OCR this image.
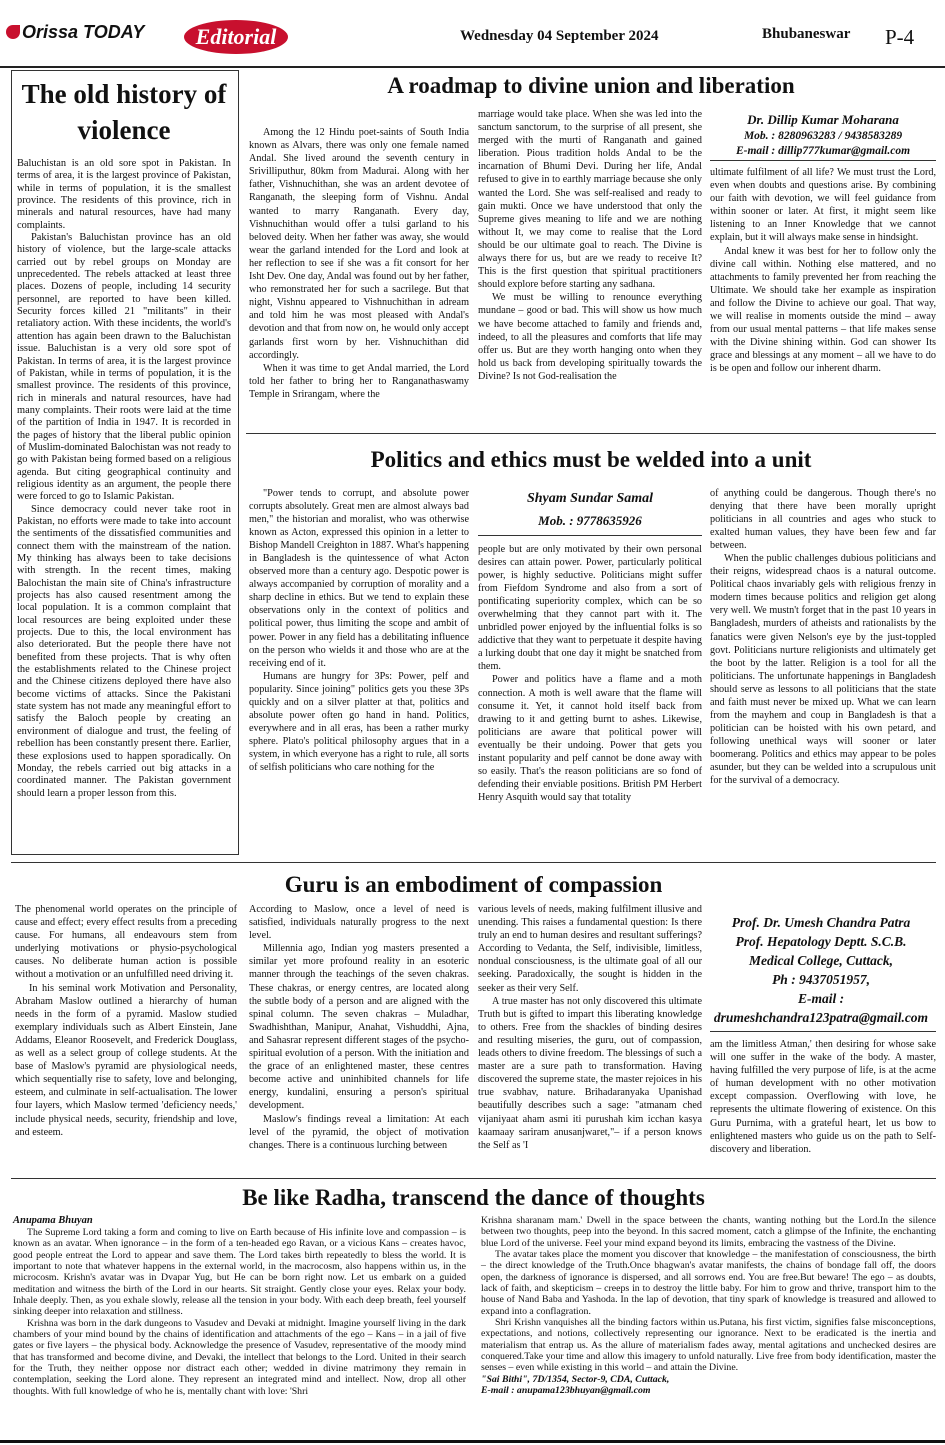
Orissa TODAY	Editorial	Wednesday 04 September 2024	Bhubaneswar P-4
The old history of
violence

Baluchistan is an old sore spot in Pakistan. In terms of area, it is the largest province of Pakistan, while in terms of population, it is the smallest province. The residents of this province, rich in minerals and natural resources, have had many complaints.

Pakistan's Baluchistan province has an old history of violence, but the large-scale attacks carried out by rebel groups on Monday are unprecedented. The rebels attacked at least three places. Dozens of people, including 14 security personnel, are reported to have been killed. Security forces killed 21 "militants" in their retaliatory action. With these incidents, the world's attention has again been drawn to the Baluchistan issue. Baluchistan is a very old sore spot of Pakistan. In terms of area, it is the largest province of Pakistan, while in terms of population, it is the smallest province. The residents of this province, rich in minerals and natural resources, have had many complaints. Their roots were laid at the time of the partition of India in 1947. It is recorded in the pages of history that the liberal public opinion of Muslim-dominated Balochistan was not ready to go with Pakistan being formed based on a religious agenda. But citing geographical continuity and religious identity as an argument, the people there were forced to go to Islamic Pakistan.

Since democracy could never take root in Pakistan, no efforts were made to take into account the sentiments of the dissatisfied communities and connect them with the mainstream of the nation. My thinking has always been to take decisions with strength. In the recent times, making Balochistan the main site of China's infrastructure projects has also caused resentment among the local population. It is a common complaint that local resources are being exploited under these projects. Due to this, the local environment has also deteriorated. But the people there have not benefited from these projects. That is why often the establishments related to the Chinese project and the Chinese citizens deployed there have also become victims of attacks. Since the Pakistani state system has not made any meaningful effort to satisfy the Baloch people by creating an environment of dialogue and trust, the feeling of rebellion has been constantly present there. Earlier, these explosions used to happen sporadically. On Monday, the rebels carried out big attacks in a coordinated manner. The Pakistan government should learn a proper lesson from this.

A roadmap to divine union and liberation

Among the 12 Hindu poet-saints of South India known as Alvars, there was only one female named Andal. She lived around the seventh century in Srivilliputhur, 80km from Madurai. Along with her father, Vishnuchithan, she was an ardent devotee of Ranganath, the sleeping form of Vishnu. Andal wanted to marry Ranganath. Every day, Vishnuchithan would offer a tulsi garland to his beloved deity. When her father was away, she would wear the garland intended for the Lord and look at her reflection to see if she was a fit consort for her Isht Dev. One day, Andal was found out by her father, who remonstrated her for such a sacrilege. But that night, Vishnu appeared to Vishnuchithan in adream and told him he was most pleased with Andal's devotion and that from now on, he would only accept garlands first worn by her. Vishnuchithan did accordingly.

When it was time to get Andal married, the Lord told her father to bring her to Ranganathaswamy Temple in Srirangam, where the

marriage would take place. When she was led into the sanctum sanctorum, to the surprise of all present, she merged with the murti of Ranganath and gained liberation. Pious tradition holds Andal to be the incarnation of Bhumi Devi. During her life, Andal refused to give in to earthly marriage because she only wanted the Lord. She was self-realised and ready to gain mukti. Once we have understood that only the Supreme gives meaning to life and we are nothing without It, we may come to realise that the Lord should be our ultimate goal to reach. The Divine is always there for us, but are we ready to receive It? This is the first question that spiritual practitioners should explore before starting any sadhana.

We must be willing to renounce everything mundane – good or bad. This will show us how much we have become attached to family and friends and, indeed, to all the pleasures and comforts that life may offer us. But are they worth hanging onto when they hold us back from developing spiritually towards the Divine? Is not God-realisation the

Dr. Dillip Kumar Moharana
Mob. : 8280963283 / 9438583289
E-mail : dillip777kumar@gmail.com

ultimate fulfilment of all life? We must trust the Lord, even when doubts and questions arise. By combining our faith with devotion, we will feel guidance from within sooner or later. At first, it might seem like listening to an Inner Knowledge that we cannot explain, but it will always make sense in hindsight.

Andal knew it was best for her to follow only the divine call within. Nothing else mattered, and no attachments to family prevented her from reaching the Ultimate. We should take her example as inspiration and follow the Divine to achieve our goal. That way, we will realise in moments outside the mind – away from our usual mental patterns – that life makes sense with the Divine shining within. God can shower Its grace and blessings at any moment – all we have to do is be open and follow our inherent dharm.

Politics and ethics must be welded into a unit

"Power tends to corrupt, and absolute power corrupts absolutely. Great men are almost always bad men," the historian and moralist, who was otherwise known as Acton, expressed this opinion in a letter to Bishop Mandell Creighton in 1887. What's happening in Bangladesh is the quintessence of what Acton observed more than a century ago. Despotic power is always accompanied by corruption of morality and a sharp decline in ethics. But we tend to explain these observations only in the context of politics and political power, thus limiting the scope and ambit of power. Power in any field has a debilitating influence on the person who wields it and those who are at the receiving end of it.

Humans are hungry for 3Ps: Power, pelf and popularity. Since joining" politics gets you these 3Ps quickly and on a silver platter at that, politics and absolute power often go hand in hand. Politics, everywhere and in all eras, has been a rather murky sphere. Plato's political philosophy argues that in a system, in which everyone has a right to rule, all sorts of selfish politicians who care nothing for the

Shyam Sundar Samal
Mob. : 9778635926

people but are only motivated by their own personal desires can attain power. Power, particularly political power, is highly seductive. Politicians might suffer from Fiefdom Syndrome and also from a sort of pontificating superiority complex, which can be so overwhelming that they cannot part with it. The unbridled power enjoyed by the influential folks is so addictive that they want to perpetuate it despite having a lurking doubt that one day it might be snatched from them.

Power and politics have a flame and a moth connection. A moth is well aware that the flame will consume it. Yet, it cannot hold itself back from drawing to it and getting burnt to ashes. Likewise, politicians are aware that political power will eventually be their undoing. Power that gets you instant popularity and pelf cannot be done away with so easily. That's the reason politicians are so fond of defending their enviable positions. British PM Herbert Henry Asquith would say that totality

of anything could be dangerous. Though there's no denying that there have been morally upright politicians in all countries and ages who stuck to exalted human values, they have been few and far between.

When the public challenges dubious politicians and their reigns, widespread chaos is a natural outcome. Political chaos invariably gels with religious frenzy in modern times because politics and religion get along very well. We mustn't forget that in the past 10 years in Bangladesh, murders of atheists and rationalists by the fanatics were given Nelson's eye by the just-toppled govt. Politicians nurture religionists and ultimately get the boot by the latter. Religion is a tool for all the politicians. The unfortunate happenings in Bangladesh should serve as lessons to all politicians that the state and faith must never be mixed up. What we can learn from the mayhem and coup in Bangladesh is that a politician can be hoisted with his own petard, and following unethical ways will sooner or later boomerang. Politics and ethics may appear to be poles asunder, but they can be welded into a scrupulous unit for the survival of a democracy.

Guru is an embodiment of compassion

The phenomenal world operates on the principle of cause and effect; every effect results from a preceding cause. For humans, all endeavours stem from underlying motivations or physio-psychological causes. No deliberate human action is possible without a motivation or an unfulfilled need driving it.

In his seminal work Motivation and Personality, Abraham Maslow outlined a hierarchy of human needs in the form of a pyramid. Maslow studied exemplary individuals such as Albert Einstein, Jane Addams, Eleanor Roosevelt, and Frederick Douglass, as well as a select group of college students. At the base of Maslow's pyramid are physiological needs, which sequentially rise to safety, love and belonging, esteem, and culminate in self-actualisation. The lower four layers, which Maslow termed 'deficiency needs,' include physical needs, security, friendship and love, and esteem.

According to Maslow, once a level of need is satisfied, individuals naturally progress to the next level.

Millennia ago, Indian yog masters presented a similar yet more profound reality in an esoteric manner through the teachings of the seven chakras. These chakras, or energy centres, are located along the subtle body of a person and are aligned with the spinal column. The seven chakras – Muladhar, Swadhishthan, Manipur, Anahat, Vishuddhi, Ajna, and Sahasrar represent different stages of the psycho-spiritual evolution of a person. With the initiation and the grace of an enlightened master, these centres become active and uninhibited channels for life energy, kundalini, ensuring a person's spiritual development.

Maslow's findings reveal a limitation: At each level of the pyramid, the object of motivation changes. There is a continuous lurching between

various levels of needs, making fulfilment illusive and unending. This raises a fundamental question: Is there truly an end to human desires and resultant sufferings? According to Vedanta, the Self, indivisible, limitless, nondual consciousness, is the ultimate goal of all our seeking. Paradoxically, the sought is hidden in the seeker as their very Self.

A true master has not only discovered this ultimate Truth but is gifted to impart this liberating knowledge to others. Free from the shackles of binding desires and resulting miseries, the guru, out of compassion, leads others to divine freedom. The blessings of such a master are a sure path to transformation. Having discovered the supreme state, the master rejoices in his true svabhav, nature. Brihadaranyaka Upanishad beautifully describes such a sage: "atmanam ched vijaniyaat aham asmi iti purushah kim icchan kasya kaamaay sariram anusanjwaret,"– if a person knows the Self as 'I

Prof. Dr. Umesh Chandra Patra
Prof. Hepatology Deptt. S.C.B.
Medical College, Cuttack,
Ph : 9437051957,
E-mail :
drumeshchandra123patra@gmail.com

am the limitless Atman,' then desiring for whose sake will one suffer in the wake of the body. A master, having fulfilled the very purpose of life, is at the acme of human development with no other motivation except compassion. Overflowing with love, he represents the ultimate flowering of existence. On this Guru Purnima, with a grateful heart, let us bow to enlightened masters who guide us on the path to Self-discovery and liberation.

Be like Radha, transcend the dance of thoughts
Anupama Bhuyan

The Supreme Lord taking a form and coming to live on Earth because of His infinite love and compassion – is known as an avatar. When ignorance – in the form of a ten-headed ego Ravan, or a vicious Kans – creates havoc, good people entreat the Lord to appear and save them. The Lord takes birth repeatedly to bless the world. It is important to note that whatever happens in the external world, in the macrocosm, also happens within us, in the microcosm. Krishn's avatar was in Dvapar Yug, but He can be born right now. Let us embark on a guided meditation and witness the birth of the Lord in our hearts. Sit straight. Gently close your eyes. Relax your body. Inhale deeply. Then, as you exhale slowly, release all the tension in your body. With each deep breath, feel yourself sinking deeper into relaxation and stillness.

Krishna was born in the dark dungeons to Vasudev and Devaki at midnight. Imagine yourself living in the dark chambers of your mind bound by the chains of identification and attachments of the ego – Kans – in a jail of five gates or five layers – the physical body. Acknowledge the presence of Vasudev, representative of the moody mind that has transformed and become divine, and Devaki, the intellect that belongs to the Lord. United in their search for the Truth, they neither oppose nor distract each other; wedded in divine matrimony they remain in contemplation, seeking the Lord alone. They represent an integrated mind and intellect. Now, drop all other thoughts. With full knowledge of who he is, mentally chant with love: 'Shri

Krishna sharanam mam.' Dwell in the space between the chants, wanting nothing but the Lord.In the silence between two thoughts, peep into the beyond. In this sacred moment, catch a glimpse of the Infinite, the enchanting blue Lord of the universe. Feel your mind expand beyond its limits, embracing the vastness of the Divine.

The avatar takes place the moment you discover that knowledge – the manifestation of consciousness, the birth – the direct knowledge of the Truth.Once bhagwan's avatar manifests, the chains of bondage fall off, the doors open, the darkness of ignorance is dispersed, and all sorrows end. You are free.But beware! The ego – as doubts, lack of faith, and skepticism – creeps in to destroy the little baby. For him to grow and thrive, transport him to the house of Nand Baba and Yashoda. In the lap of devotion, that tiny spark of knowledge is treasured and allowed to expand into a conflagration.

Shri Krishn vanquishes all the binding factors within us.Putana, his first victim, signifies false misconceptions, expectations, and notions, collectively representing our ignorance. Next to be eradicated is the inertia and materialism that entrap us. As the allure of materialism fades away, mental agitations and unchecked desires are conquered.Take your time and allow this imagery to unfold naturally. Live free from body identification, master the senses – even while existing in this world – and attain the Divine.

"Sai Bithi", 7D/1354, Sector-9, CDA, Cuttack,

E-mail : anupama123bhuyan@gmail.com
